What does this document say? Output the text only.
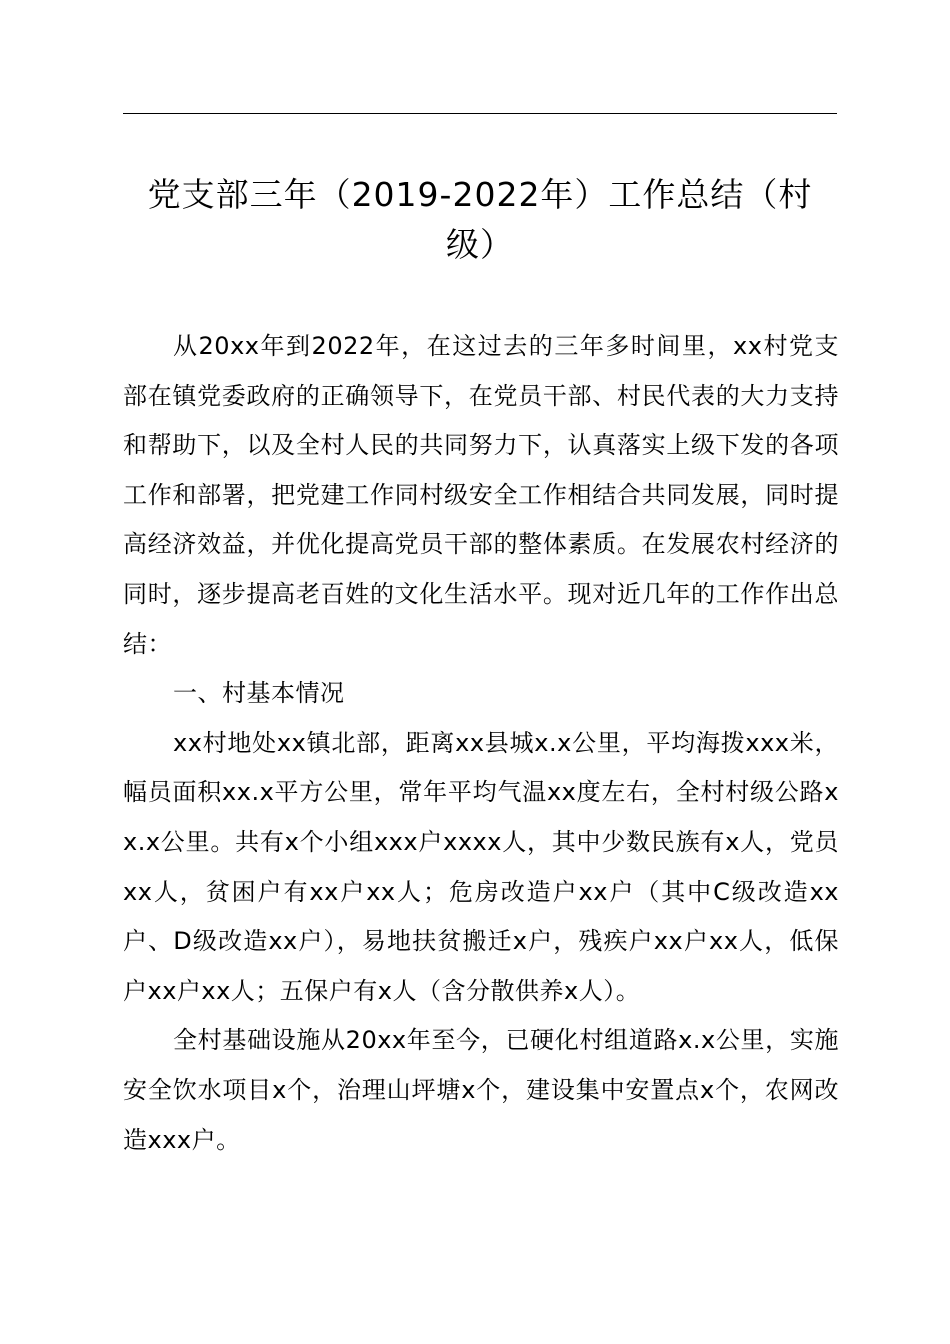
党支部三年（2019-2022年）工作总结（村级）

从20xx年到2022年，在这过去的三年多时间里，xx村党支部在镇党委政府的正确领导下，在党员干部、村民代表的大力支持和帮助下，以及全村人民的共同努力下，认真落实上级下发的各项工作和部署，把党建工作同村级安全工作相结合共同发展，同时提高经济效益，并优化提高党员干部的整体素质。在发展农村经济的同时，逐步提高老百姓的文化生活水平。现对近几年的工作作出总结：

一、村基本情况

xx村地处xx镇北部，距离xx县城x.x公里，平均海拨xxx米，幅员面积xx.x平方公里，常年平均气温xx度左右，全村村级公路xx.x公里。共有x个小组xxx户xxxx人，其中少数民族有x人，党员xx人，贫困户有xx户xx人；危房改造户xx户（其中C级改造xx户、D级改造xx户），易地扶贫搬迁x户，残疾户xx户xx人，低保户xx户xx人；五保户有x人（含分散供养x人）。

全村基础设施从20xx年至今，已硬化村组道路x.x公里，实施安全饮水项目x个，治理山坪塘x个，建设集中安置点x个，农网改造xxx户。
